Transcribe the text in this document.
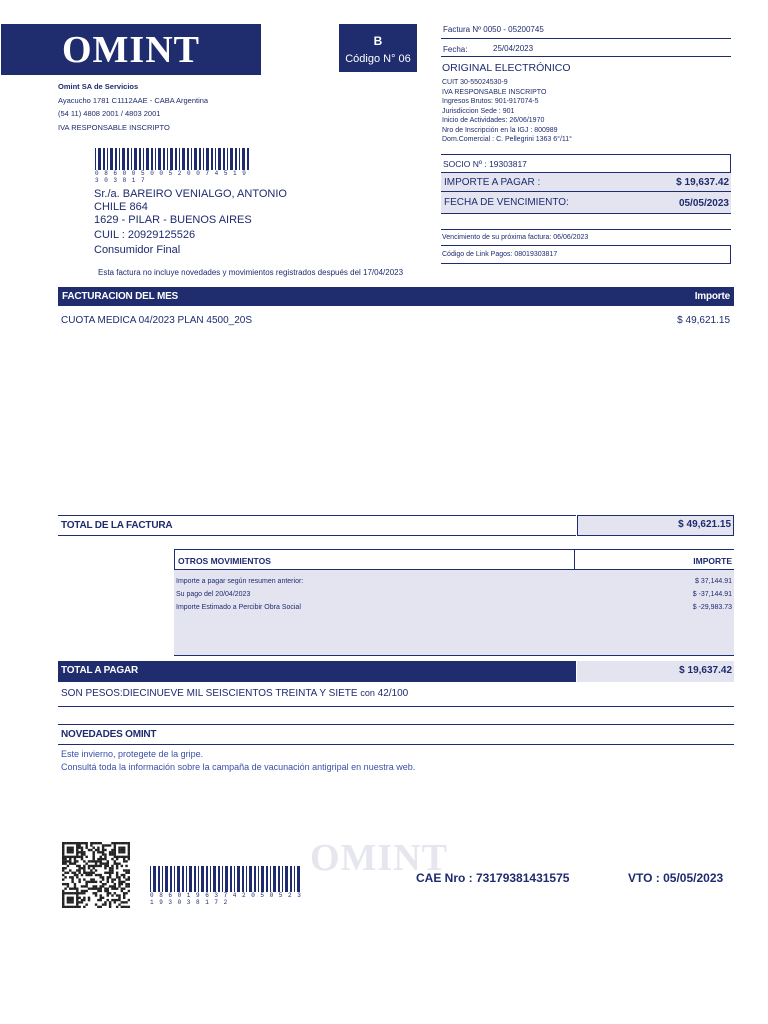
OMINT	B
Código N° 06
Omint SA de Servicios
Ayacucho 1781 C1112AAE - CABA Argentina
(54 11) 4808 2001 / 4803 2001
IVA RESPONSABLE INSCRIPTO
0 8 6 0 0 5 0 0 5 2 0 0 7 4 5 1 9 3 0 3 8 1 7
Sr./a. BAREIRO VENIALGO, ANTONIO
CHILE 864
1629 - PILAR - BUENOS AIRES
CUIL : 20929125526
Consumidor Final
Esta factura no incluye novedades y movimientos registrados después del 17/04/2023
Factura Nº 0050 - 05200745
Fecha:	25/04/2023
ORIGINAL ELECTRÓNICO
CUIT 30-55024530-9
IVA RESPONSABLE INSCRIPTO
Ingresos Brutos: 901-917074-5
Jurisdiccion Sede : 901
Inicio de Actividades: 26/06/1970
Nro de Inscripción en la IGJ : 800989
Dom.Comercial : C. Pellegrini 1363 6°/11°
SOCIO Nº : 19303817
IMPORTE A PAGAR :	$ 19,637.42
FECHA DE VENCIMIENTO:	05/05/2023
Vencimiento de su próxima factura: 06/06/2023
Código de Link Pagos: 08019303817
FACTURACION DEL MES	Importe
CUOTA MEDICA 04/2023 PLAN 4500_20S	$ 49,621.15
TOTAL DE LA FACTURA	$ 49,621.15
OTROS MOVIMIENTOS	IMPORTE
Importe a pagar según resumen anterior:	$ 37,144.91
Su pago del 20/04/2023	$ -37,144.91
Importe Estimado a Percibir Obra Social	$ -29,983.73
TOTAL A PAGAR	$ 19,637.42
SON PESOS:DIECINUEVE MIL SEISCIENTOS TREINTA Y SIETE con 42/100
NOVEDADES OMINT
Este invierno, protegete de la gripe.
Consultá toda la información sobre la campaña de vacunación antigripal en nuestra web.
OMINT
0 8 6 0 1 9 6 3 7 4 2 0 5 0 5 2 3 1 9 3 0 3 8 1 7 2
CAE Nro : 73179381431575	VTO : 05/05/2023
